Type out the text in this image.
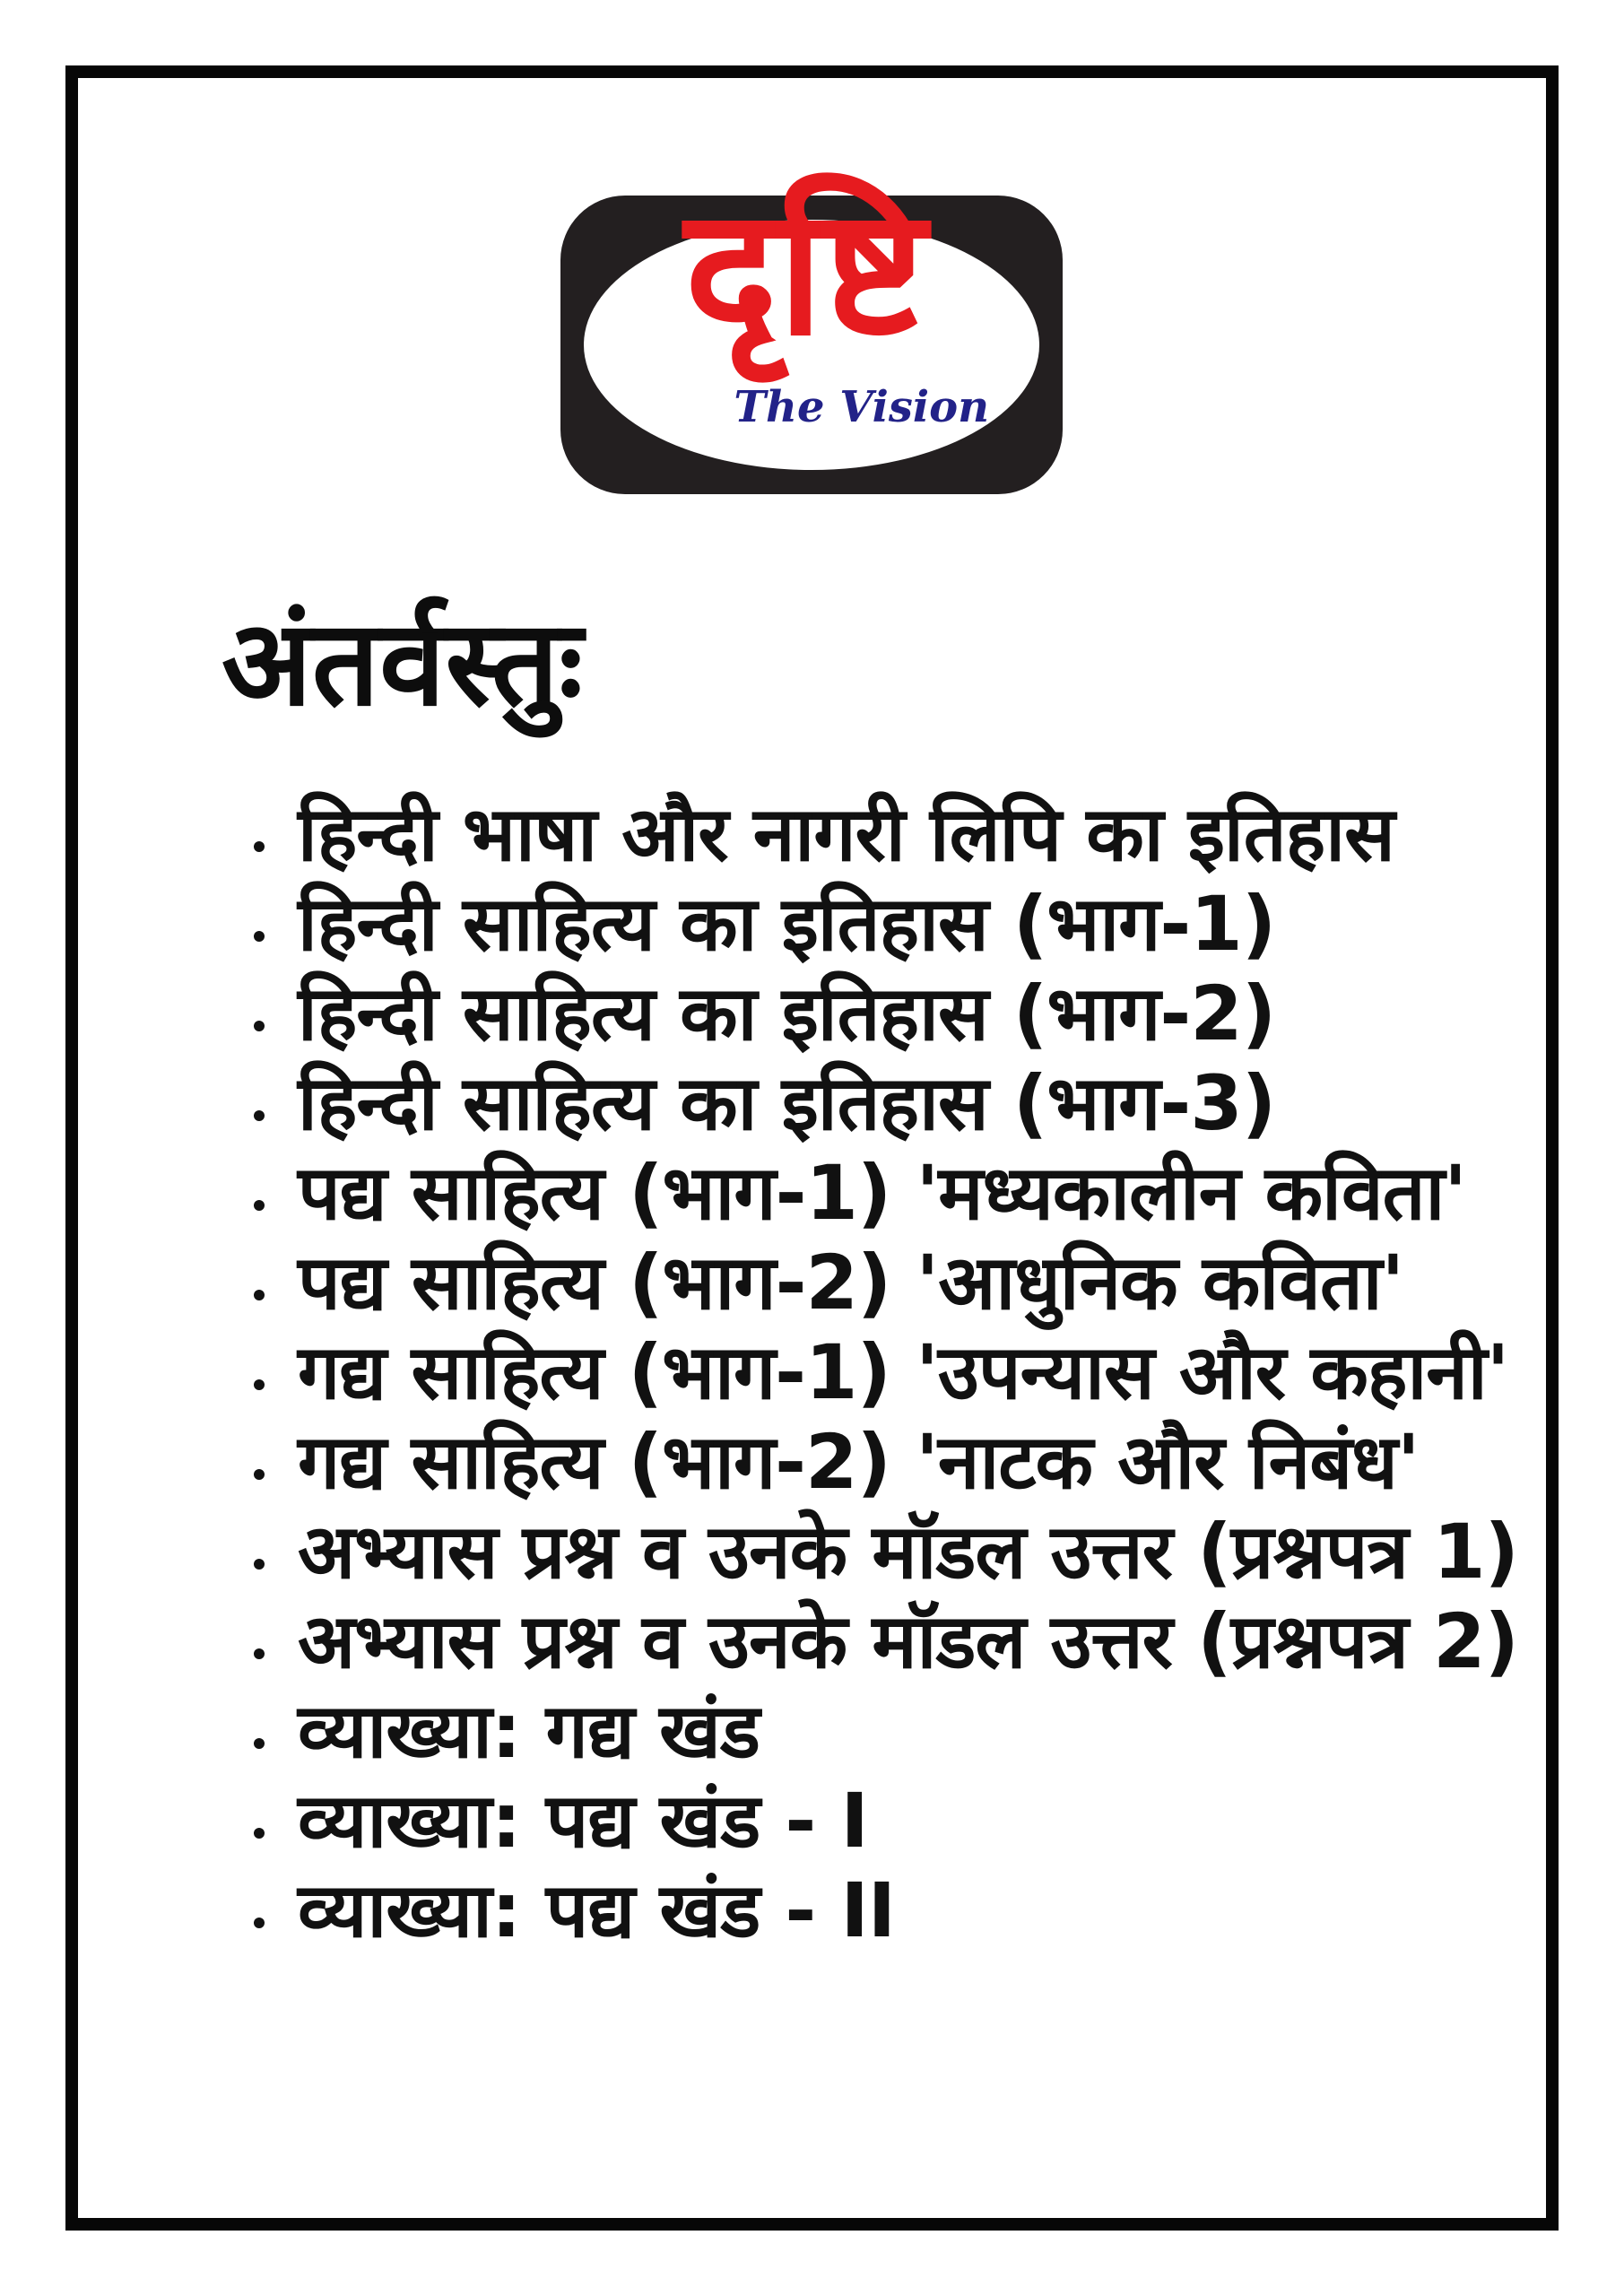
दृष्टि
The Vision
अंतर्वस्तुः
हिन्दी भाषा और नागरी लिपि का इतिहास
हिन्दी साहित्य का इतिहास (भाग-1)
हिन्दी साहित्य का इतिहास (भाग-2)
हिन्दी साहित्य का इतिहास (भाग-3)
पद्य साहित्य (भाग-1) 'मध्यकालीन कविता'
पद्य साहित्य (भाग-2) 'आधुनिक कविता'
गद्य साहित्य (भाग-1) 'उपन्यास और कहानी'
गद्य साहित्य (भाग-2) 'नाटक और निबंध'
अभ्यास प्रश्न व उनके मॉडल उत्तर (प्रश्नपत्र 1)
अभ्यास प्रश्न व उनके मॉडल उत्तर (प्रश्नपत्र 2)
व्याख्या: गद्य खंड
व्याख्या: पद्य खंड - I
व्याख्या: पद्य खंड - II
